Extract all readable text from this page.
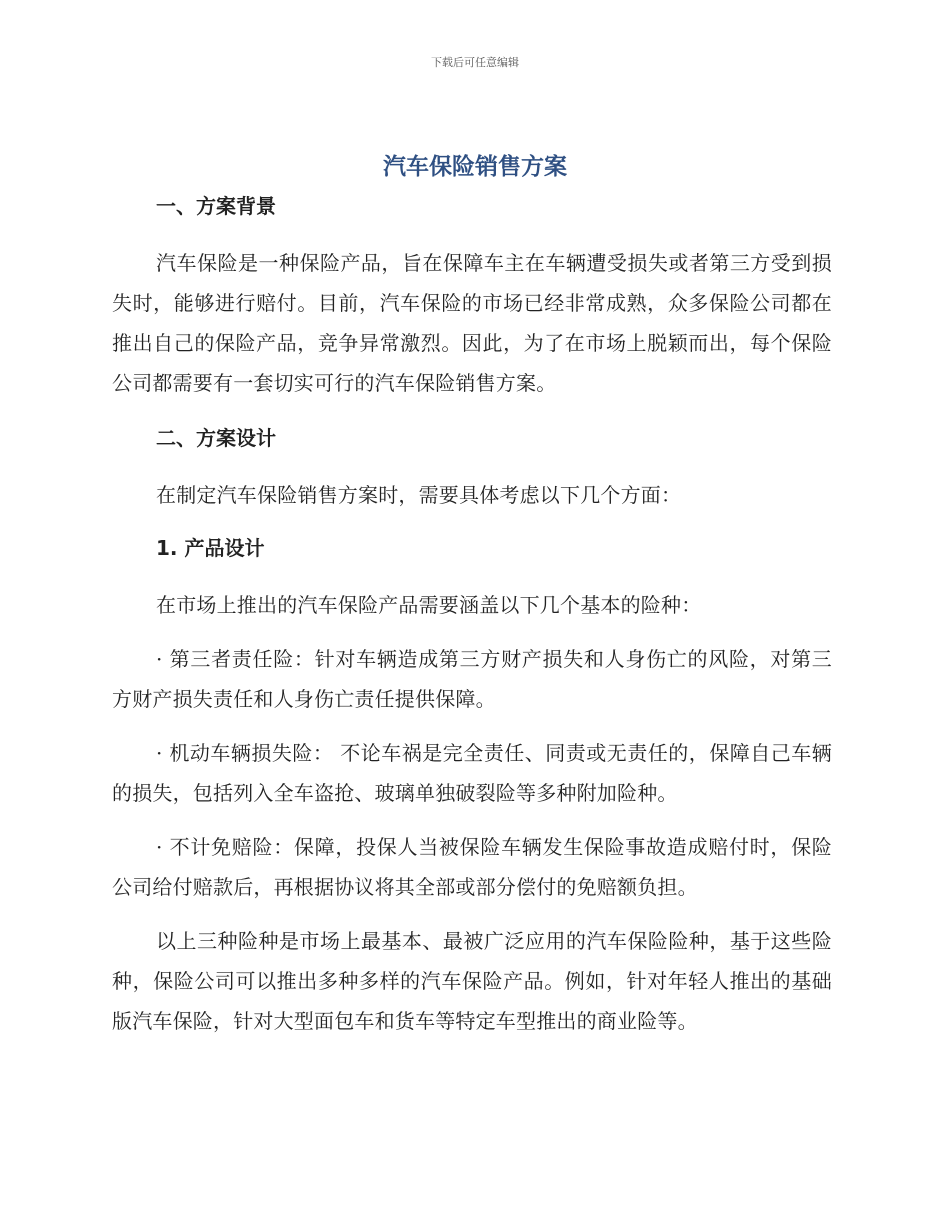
下载后可任意编辑
汽车保险销售方案

一、方案背景

汽车保险是一种保险产品，旨在保障车主在车辆遭受损失或者第三方受到损失时，能够进行赔付。目前，汽车保险的市场已经非常成熟，众多保险公司都在推出自己的保险产品，竞争异常激烈。因此，为了在市场上脱颖而出，每个保险公司都需要有一套切实可行的汽车保险销售方案。

二、方案设计

在制定汽车保险销售方案时，需要具体考虑以下几个方面：

1. 产品设计

在市场上推出的汽车保险产品需要涵盖以下几个基本的险种：

· 第三者责任险：针对车辆造成第三方财产损失和人身伤亡的风险，对第三方财产损失责任和人身伤亡责任提供保障。

· 机动车辆损失险： 不论车祸是完全责任、同责或无责任的，保障自己车辆的损失，包括列入全车盗抢、玻璃单独破裂险等多种附加险种。

· 不计免赔险：保障，投保人当被保险车辆发生保险事故造成赔付时，保险公司给付赔款后，再根据协议将其全部或部分偿付的免赔额负担。

以上三种险种是市场上最基本、最被广泛应用的汽车保险险种，基于这些险种，保险公司可以推出多种多样的汽车保险产品。例如，针对年轻人推出的基础版汽车保险，针对大型面包车和货车等特定车型推出的商业险等。
